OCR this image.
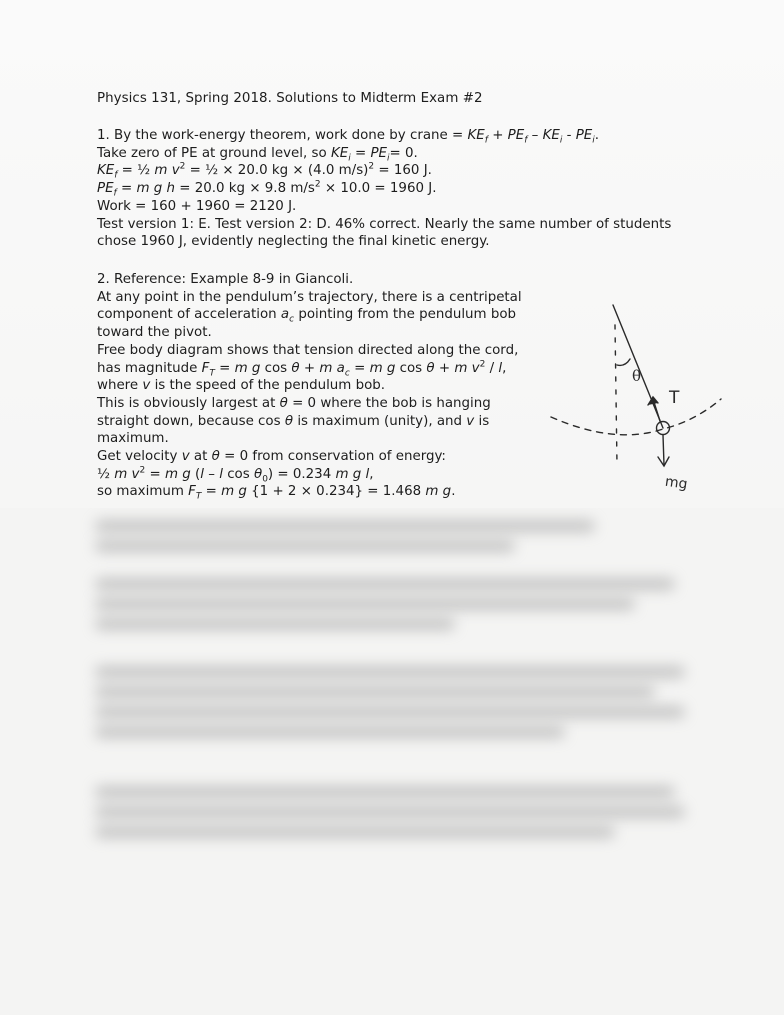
Physics 131, Spring 2018. Solutions to Midterm Exam #2
1. By the work-energy theorem, work done by crane = $KE_f + PE_f - KE_i - PE_i$.
Take zero of PE at ground level, so $KE_i = PE_i= 0$.
$KE_f$ = ½ m $v^2$ = ½ × 20.0 kg × (4.0 m/s)$^2$ = 160 J.
$PE_f = m$ g h = 20.0 kg × 9.8 $m/s^2 \times 10.0 = 1960$ J.
Work = 160 + 1960 = 2120 J.
Test version 1: E. Test version 2: D. 46% correct. Nearly the same number of students
chose 1960 J, evidently neglecting the final kinetic energy.
2. Reference: Example 8-9 in Giancoli.
At any point in the pendulum’s trajectory, there is a centripetal
component of acceleration $a_c$ pointing from the pendulum bob
toward the pivot.
Free body diagram shows that tension directed along the cord,
has magnitude $F_T = m$ g cos θ + m $a_c = m$ g cos θ + m $v^2$ / l,
where v is the speed of the pendulum bob.
This is obviously largest at θ = 0 where the bob is hanging
straight down, because cos θ is maximum (unity), and v is
maximum.
Get velocity v at θ = 0 from conservation of energy:
½ m $v^2 = m$ g (l – l $\cos \theta_0) = 0.234$ m g l,
so maximum $F_T = m$ g {1 + 2 × 0.234} = 1.468 m g.
θ
T
mg
